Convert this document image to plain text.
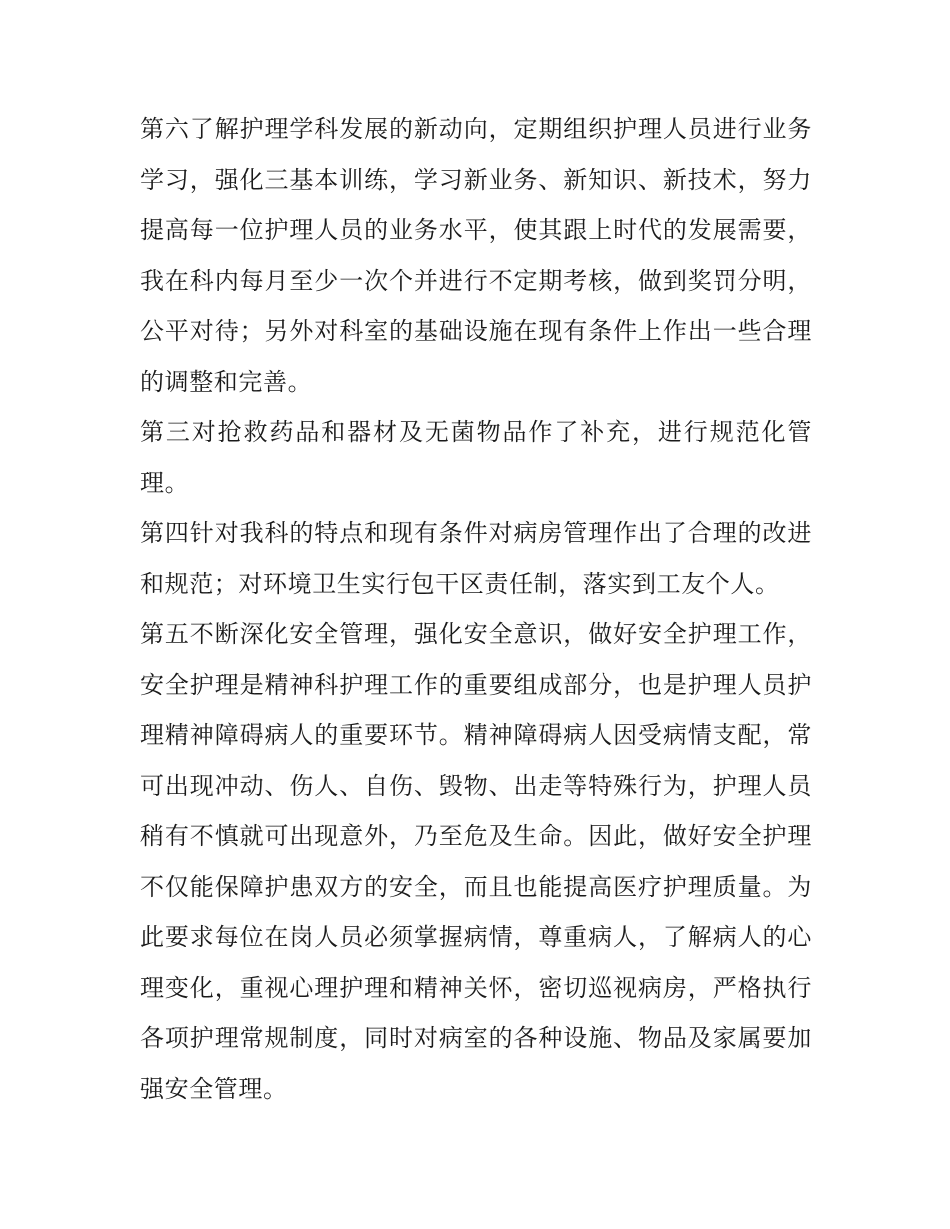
第六了解护理学科发展的新动向，定期组织护理人员进行业务学习，强化三基本训练，学习新业务、新知识、新技术，努力提高每一位护理人员的业务水平，使其跟上时代的发展需要，我在科内每月至少一次个并进行不定期考核，做到奖罚分明，公平对待；另外对科室的基础设施在现有条件上作出一些合理的调整和完善。

第三对抢救药品和器材及无菌物品作了补充，进行规范化管理。

第四针对我科的特点和现有条件对病房管理作出了合理的改进和规范；对环境卫生实行包干区责任制，落实到工友个人。

第五不断深化安全管理，强化安全意识，做好安全护理工作，安全护理是精神科护理工作的重要组成部分，也是护理人员护理精神障碍病人的重要环节。精神障碍病人因受病情支配，常可出现冲动、伤人、自伤、毁物、出走等特殊行为，护理人员稍有不慎就可出现意外，乃至危及生命。因此，做好安全护理不仅能保障护患双方的安全，而且也能提高医疗护理质量。为此要求每位在岗人员必须掌握病情，尊重病人，了解病人的心理变化，重视心理护理和精神关怀，密切巡视病房，严格执行各项护理常规制度，同时对病室的各种设施、物品及家属要加强安全管理。
